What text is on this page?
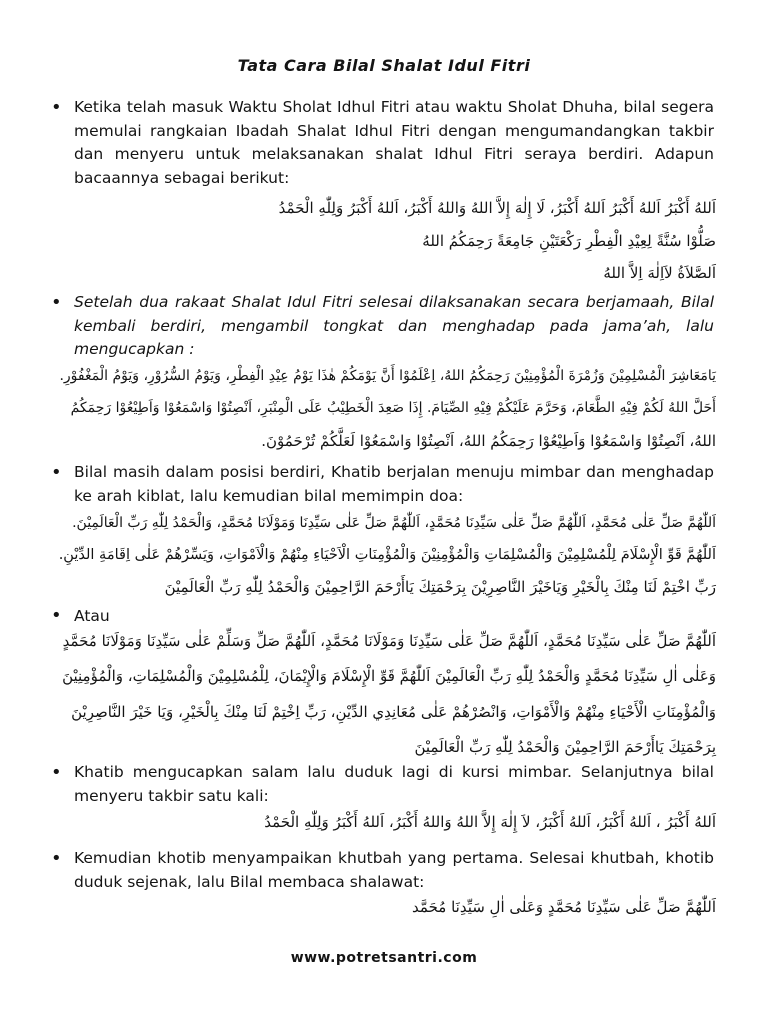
Tata Cara Bilal Shalat Idul Fitri
• Ketika telah masuk Waktu Sholat Idhul Fitri atau waktu Sholat Dhuha, bilal segera memulai rangkaian Ibadah Shalat Idhul Fitri dengan mengumandangkan takbir dan menyeru untuk melaksanakan shalat Idhul Fitri seraya berdiri. Adapun bacaannya sebagai berikut:
اَللهُ أَكْبَرُ اَللهُ أَكْبَرُ اَللهُ أَكْبَرُ، لَا إِلٰهَ إِلاَّ اللهُ وَاللهُ أَكْبَرُ، اَللهُ أَكْبَرُ وَلِلّٰهِ الْحَمْدُ
صَلُّوْا سُنَّةً لِعِيْدِ الْفِطْرِ رَكْعَتَيْنِ جَامِعَةً رَحِمَكُمُ اللهُ
اَلصَّلاَةُ لاَاِلٰهَ اِلاَّ اللهُ
• Setelah dua rakaat Shalat Idul Fitri selesai dilaksanakan secara berjamaah, Bilal kembali berdiri, mengambil tongkat dan menghadap pada jama’ah, lalu mengucapkan :
يَامَعَاشِرَ الْمُسْلِمِيْنَ وَزُمْرَةَ الْمُؤْمِنِيْنَ رَحِمَكُمُ اللهُ، اِعْلَمُوْا أَنَّ يَوْمَكُمْ هٰذَا يَوْمُ عِيْدِ الْفِطْرِ، وَيَوْمُ السُّرُوْرِ، وَيَوْمُ الْمَغْفُوْرِ.
أَحَلَّ اللهُ لَكُمْ فِيْهِ الطَّعَامَ، وَحَرَّمَ عَلَيْكُمْ فِيْهِ الصِّيَامَ. إِذَا صَعِدَ الْخَطِيْبُ عَلَى الْمِنْبَرِ، اَنْصِتُوْا وَاسْمَعُوْا وَاَطِيْعُوْا رَحِمَكُمُ
اللهُ، اَنْصِتُوْا وَاسْمَعُوْا وَاَطِيْعُوْا رَحِمَكُمُ اللهُ، اَنْصِتُوْا وَاسْمَعُوْا لَعَلَّكُمْ تُرْحَمُوْنَ.
• Bilal masih dalam posisi berdiri, Khatib berjalan menuju mimbar dan menghadap ke arah kiblat, lalu kemudian bilal memimpin doa:
اَللّٰهُمَّ صَلِّ عَلٰى مُحَمَّدٍ، اَللّٰهُمَّ صَلِّ عَلٰى سَيِّدِنَا مُحَمَّدٍ، اَللّٰهُمَّ صَلِّ عَلٰى سَيِّدِنَا وَمَوْلَانَا مُحَمَّدٍ، وَالْحَمْدُ لِلّٰهِ رَبِّ الْعَالَمِيْنَ.
اَللّٰهُمَّ قَوِّ الْإِسْلَامَ لِلْمُسْلِمِيْنَ وَالْمُسْلِمَاتِ وَالْمُؤْمِنِيْنَ وَالْمُؤْمِنَاتِ الْاَحْيَاءِ مِنْهُمْ وَالْاَمْوَاتِ، وَيَسِّرْهُمْ عَلٰى اِقَامَةِ الدِّيْنِ.
رَبِّ اخْتِمْ لَنَا مِنْكَ بِالْخَيْرِ وَيَاخَيْرَ النَّاصِرِيْنَ بِرَحْمَتِكَ يَاأَرْحَمَ الرَّاحِمِيْنَ وَالْحَمْدُ لِلّٰهِ رَبِّ الْعَالَمِيْنَ
• Atau
اَللّٰهُمَّ صَلِّ عَلٰى سَيِّدِنَا مُحَمَّدٍ، اَللّٰهُمَّ صَلِّ عَلٰى سَيِّدِنَا وَمَوْلَانَا مُحَمَّدٍ، اَللّٰهُمَّ صَلِّ وَسَلِّمْ عَلٰى سَيِّدِنَا وَمَوْلَانَا مُحَمَّدٍ
وَعَلٰى اٰلِ سَيِّدِنَا مُحَمَّدٍ وَالْحَمْدُ لِلّٰهِ رَبِّ الْعَالَمِيْنَ اَللّٰهُمَّ قَوِّ الْإِسْلَامَ وَالْإِيْمَانَ، لِلْمُسْلِمِيْنَ وَالْمُسْلِمَاتِ، وَالْمُؤْمِنِيْنَ
وَالْمُؤْمِنَاتِ الْأَحْيَاءِ مِنْهُمْ وَالْأَمْوَاتِ، وَانْصُرْهُمْ عَلٰى مُعَانِدِي الدِّيْنِ، رَبِّ اِخْتِمْ لَنَا مِنْكَ بِالْخَيْرِ، وَيَا خَيْرَ النَّاصِرِيْنَ
بِرَحْمَتِكَ يَاأَرْحَمَ الرَّاحِمِيْنَ وَالْحَمْدُ لِلّٰهِ رَبِّ الْعَالَمِيْنَ
• Khatib mengucapkan salam lalu duduk lagi di kursi mimbar. Selanjutnya bilal menyeru takbir satu kali:
اَللهُ أَكْبَرُ ، اَللهُ أَكْبَرُ، اَللهُ أَكْبَرُ، لاَ إِلٰهَ إِلاَّ اللهُ وَاللهُ أَكْبَرُ، اَللهُ أَكْبَرُ وَلِلّٰهِ الْحَمْدُ
• Kemudian khotib menyampaikan khutbah yang pertama. Selesai khutbah, khotib duduk sejenak, lalu Bilal membaca shalawat:
اَللّٰهُمَّ صَلِّ عَلٰى سَيِّدِنَا مُحَمَّدٍ وَعَلٰى اٰلِ سَيِّدِنَا مُحَمَّد
www.potretsantri.com
